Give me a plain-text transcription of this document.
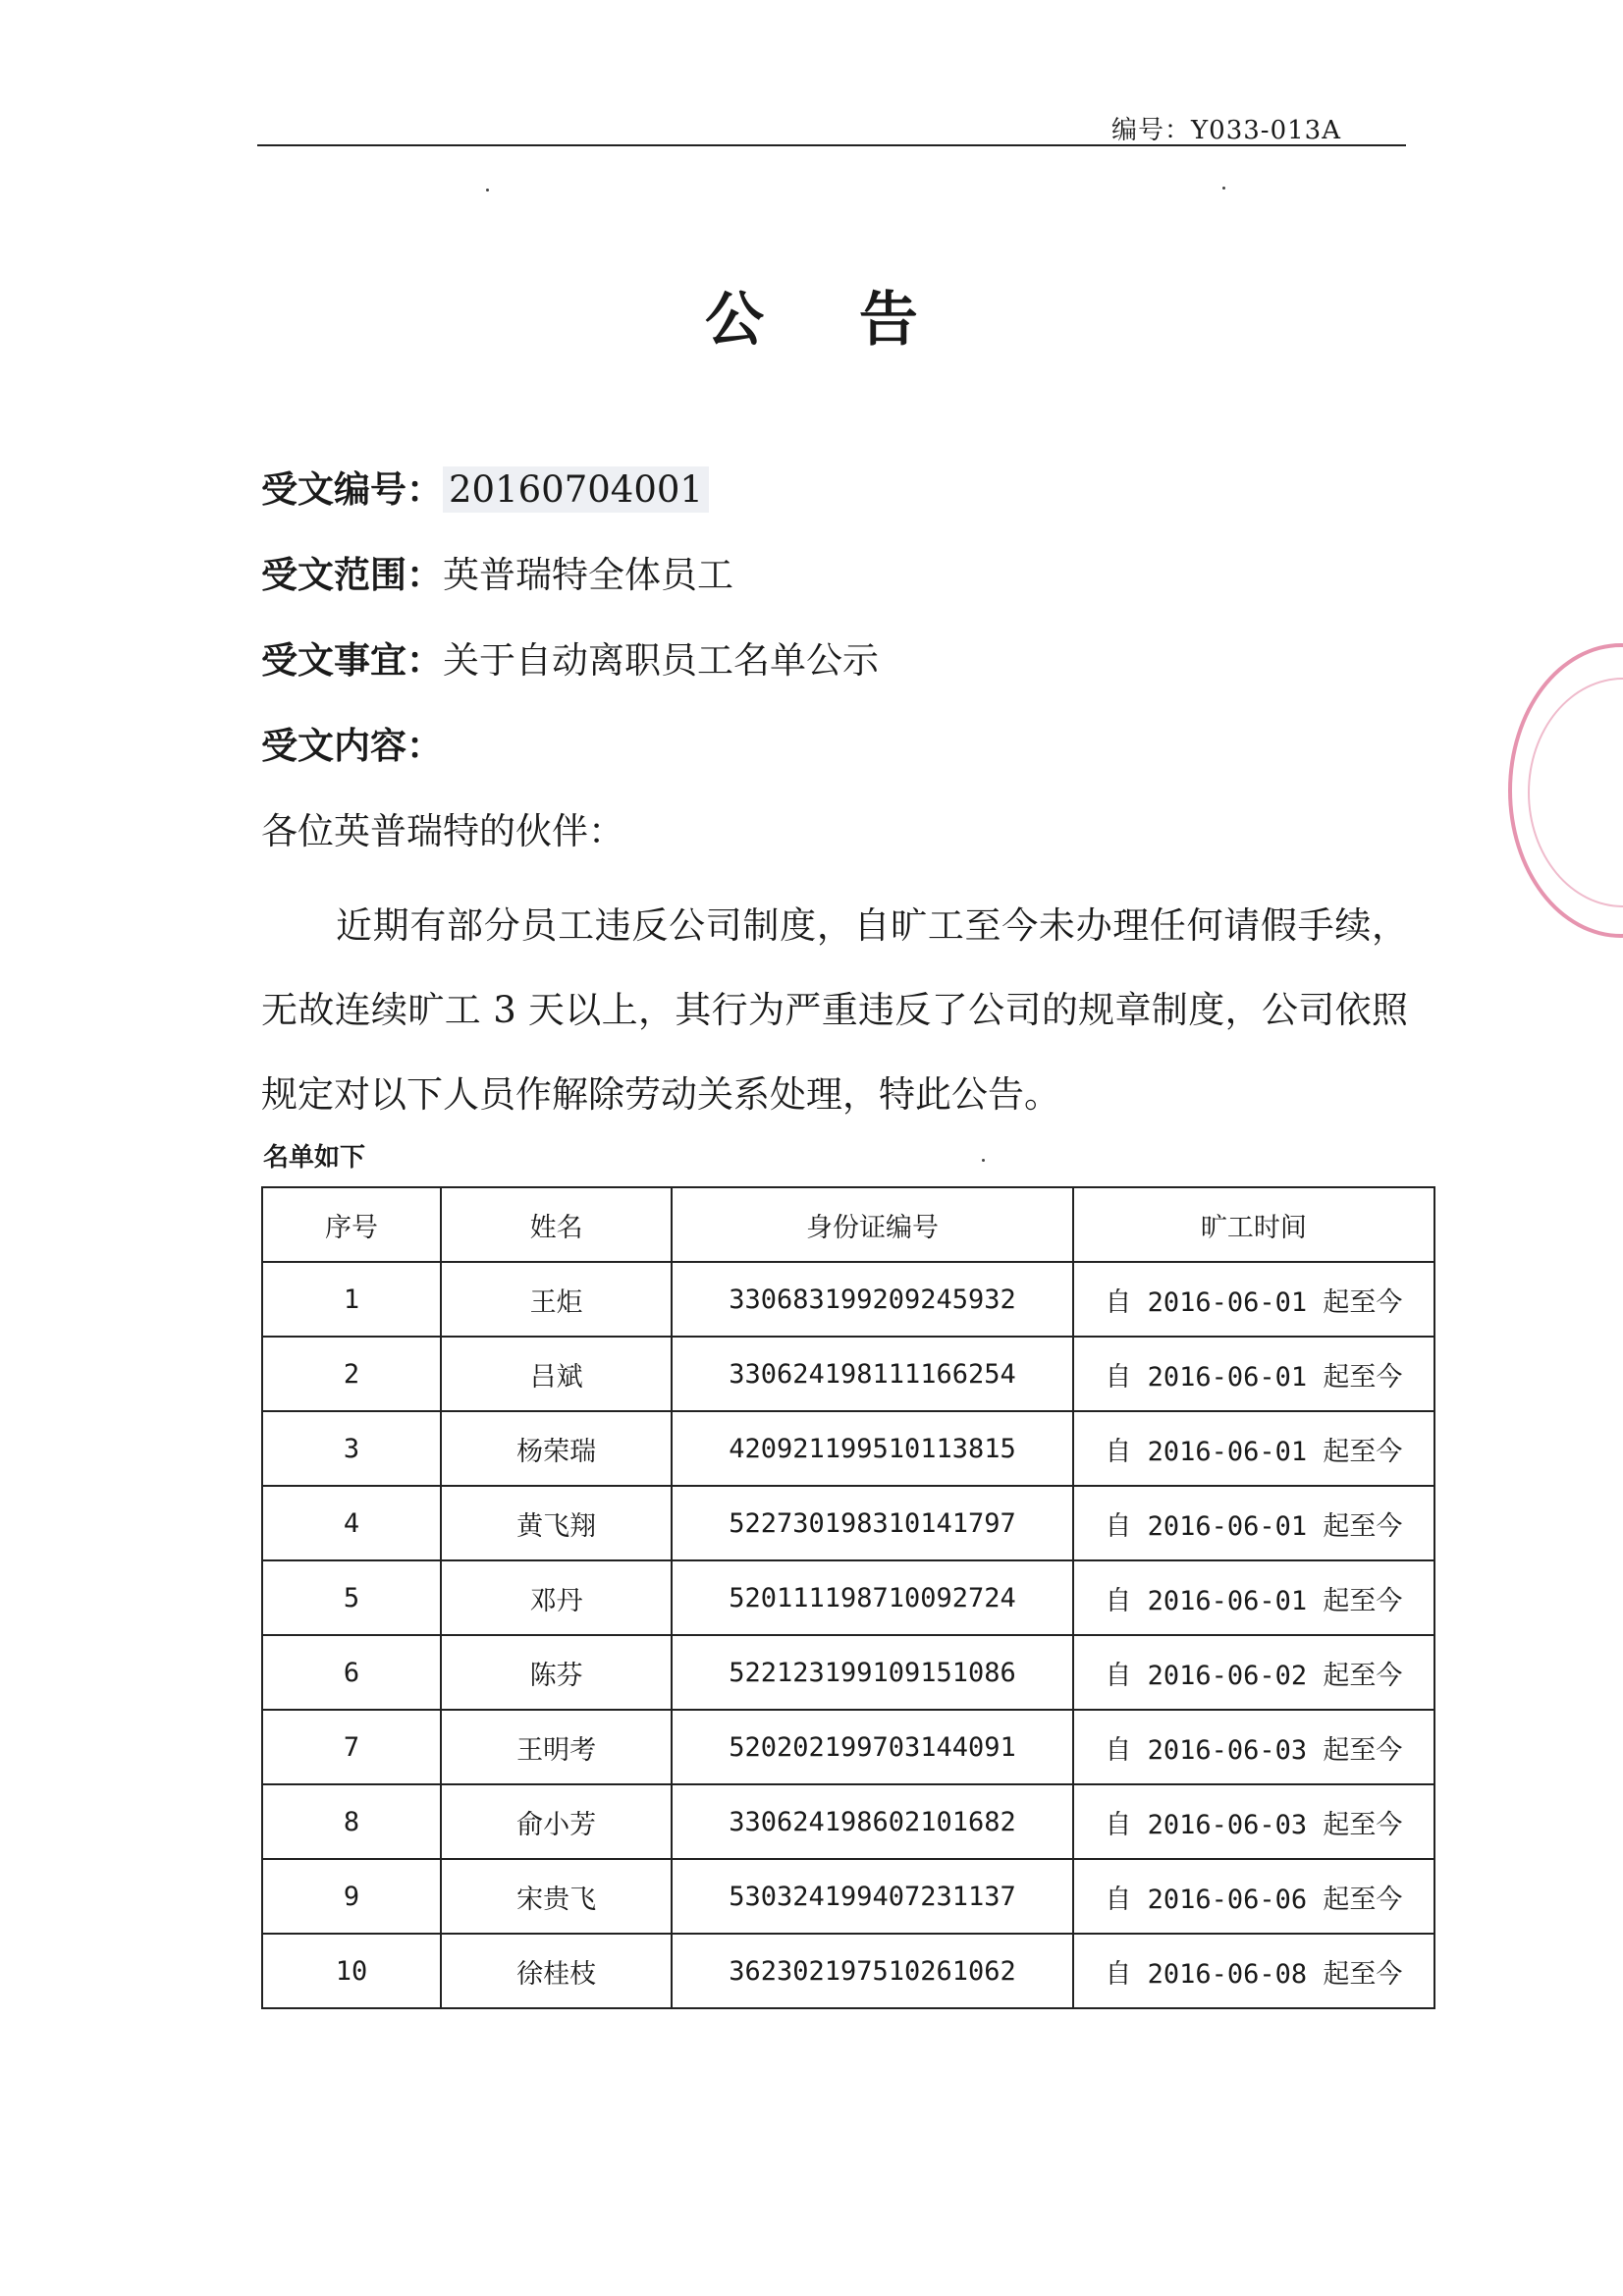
编号：Y033-013A
公 告
受文编号： 20160704001
受文范围：英普瑞特全体员工
受文事宜：关于自动离职员工名单公示
受文内容：
各位英普瑞特的伙伴：
近期有部分员工违反公司制度，自旷工至今未办理任何请假手续，无故连续旷工 3 天以上，其行为严重违反了公司的规章制度，公司依照规定对以下人员作解除劳动关系处理，特此公告。
名单如下
序号	姓名	身份证编号	旷工时间
1	王炬	330683199209245932	自 2016-06-01 起至今
2	吕斌	330624198111166254	自 2016-06-01 起至今
3	杨荣瑞	420921199510113815	自 2016-06-01 起至今
4	黄飞翔	522730198310141797	自 2016-06-01 起至今
5	邓丹	520111198710092724	自 2016-06-01 起至今
6	陈芬	522123199109151086	自 2016-06-02 起至今
7	王明考	520202199703144091	自 2016-06-03 起至今
8	俞小芳	330624198602101682	自 2016-06-03 起至今
9	宋贵飞	530324199407231137	自 2016-06-06 起至今
10	徐桂枝	362302197510261062	自 2016-06-08 起至今
